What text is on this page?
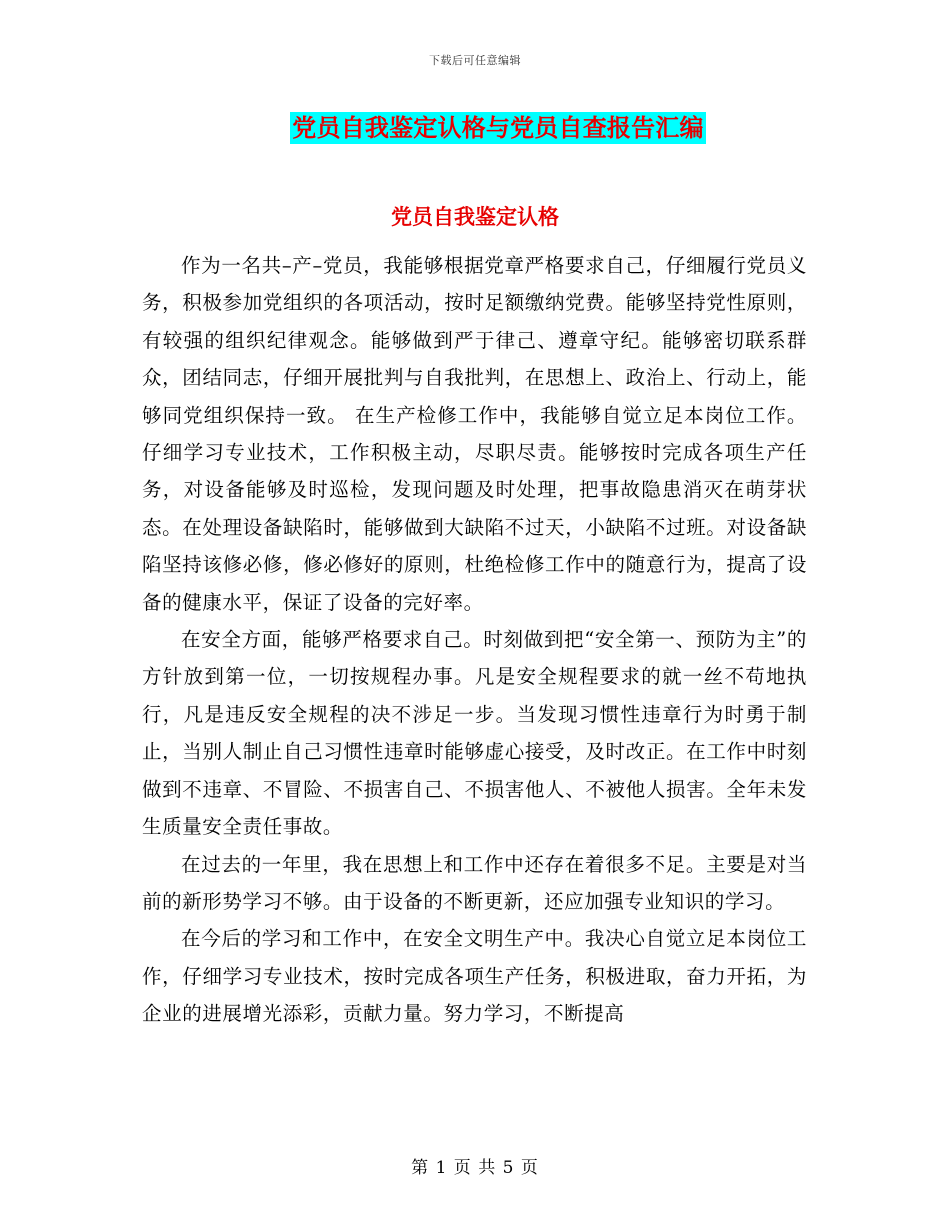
下载后可任意编辑
党员自我鉴定认格与党员自查报告汇编
党员自我鉴定认格

作为一名共–产–党员，我能够根据党章严格要求自己，仔细履行党员义务，积极参加党组织的各项活动，按时足额缴纳党费。能够坚持党性原则，有较强的组织纪律观念。能够做到严于律己、遵章守纪。能够密切联系群众，团结同志，仔细开展批判与自我批判，在思想上、政治上、行动上，能够同党组织保持一致。 在生产检修工作中，我能够自觉立足本岗位工作。仔细学习专业技术，工作积极主动，尽职尽责。能够按时完成各项生产任务，对设备能够及时巡检，发现问题及时处理，把事故隐患消灭在萌芽状态。在处理设备缺陷时，能够做到大缺陷不过天，小缺陷不过班。对设备缺陷坚持该修必修，修必修好的原则，杜绝检修工作中的随意行为，提高了设备的健康水平，保证了设备的完好率。

在安全方面，能够严格要求自己。时刻做到把“安全第一、预防为主”的方针放到第一位，一切按规程办事。凡是安全规程要求的就一丝不苟地执行，凡是违反安全规程的决不涉足一步。当发现习惯性违章行为时勇于制止，当别人制止自己习惯性违章时能够虚心接受，及时改正。在工作中时刻做到不违章、不冒险、不损害自己、不损害他人、不被他人损害。全年未发生质量安全责任事故。

在过去的一年里，我在思想上和工作中还存在着很多不足。主要是对当前的新形势学习不够。由于设备的不断更新，还应加强专业知识的学习。

在今后的学习和工作中，在安全文明生产中。我决心自觉立足本岗位工作，仔细学习专业技术，按时完成各项生产任务，积极进取，奋力开拓，为企业的进展增光添彩，贡献力量。努力学习，不断提高

第 1 页 共 5 页
